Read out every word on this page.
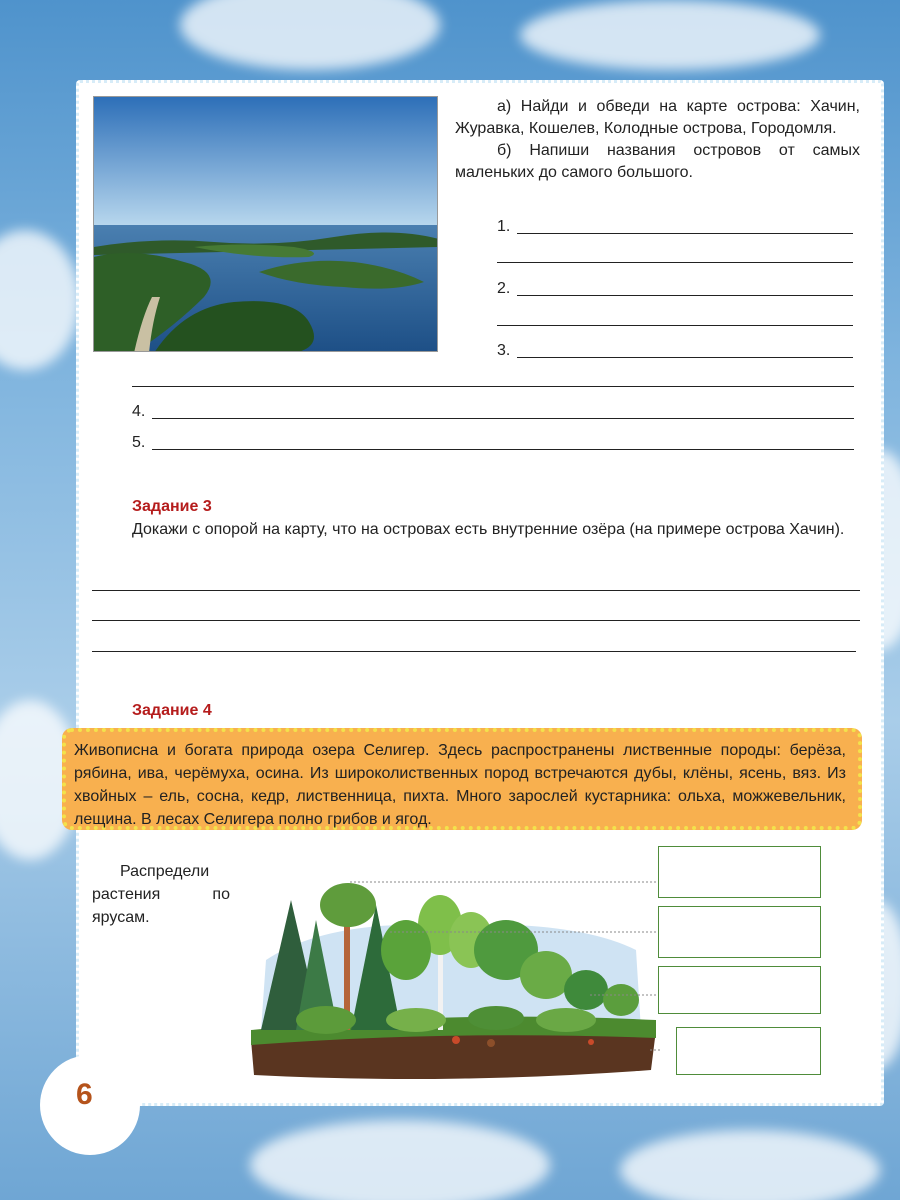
а) Найди и обведи на карте острова: Хачин, Журавка, Кошелев, Колодные острова, Городомля.

б) Напиши названия островов от самых маленьких до самого большого.

1.
2.
3.
4.
5.
Задание 3
Докажи с опорой на карту, что на островах есть внутренние озёра (на примере острова Хачин).
Задание 4
Живописна и богата природа озера Селигер. Здесь распространены лиственные породы: берёза, рябина, ива, черёмуха, осина. Из широколиственных пород встречаются дубы, клёны, ясень, вяз. Из хвойных – ель, сосна, кедр, лиственница, пихта. Много зарослей кустарника: ольха, можжевельник, лещина. В лесах Селигера полно грибов и ягод.
Распредели растения по ярусам.
6
